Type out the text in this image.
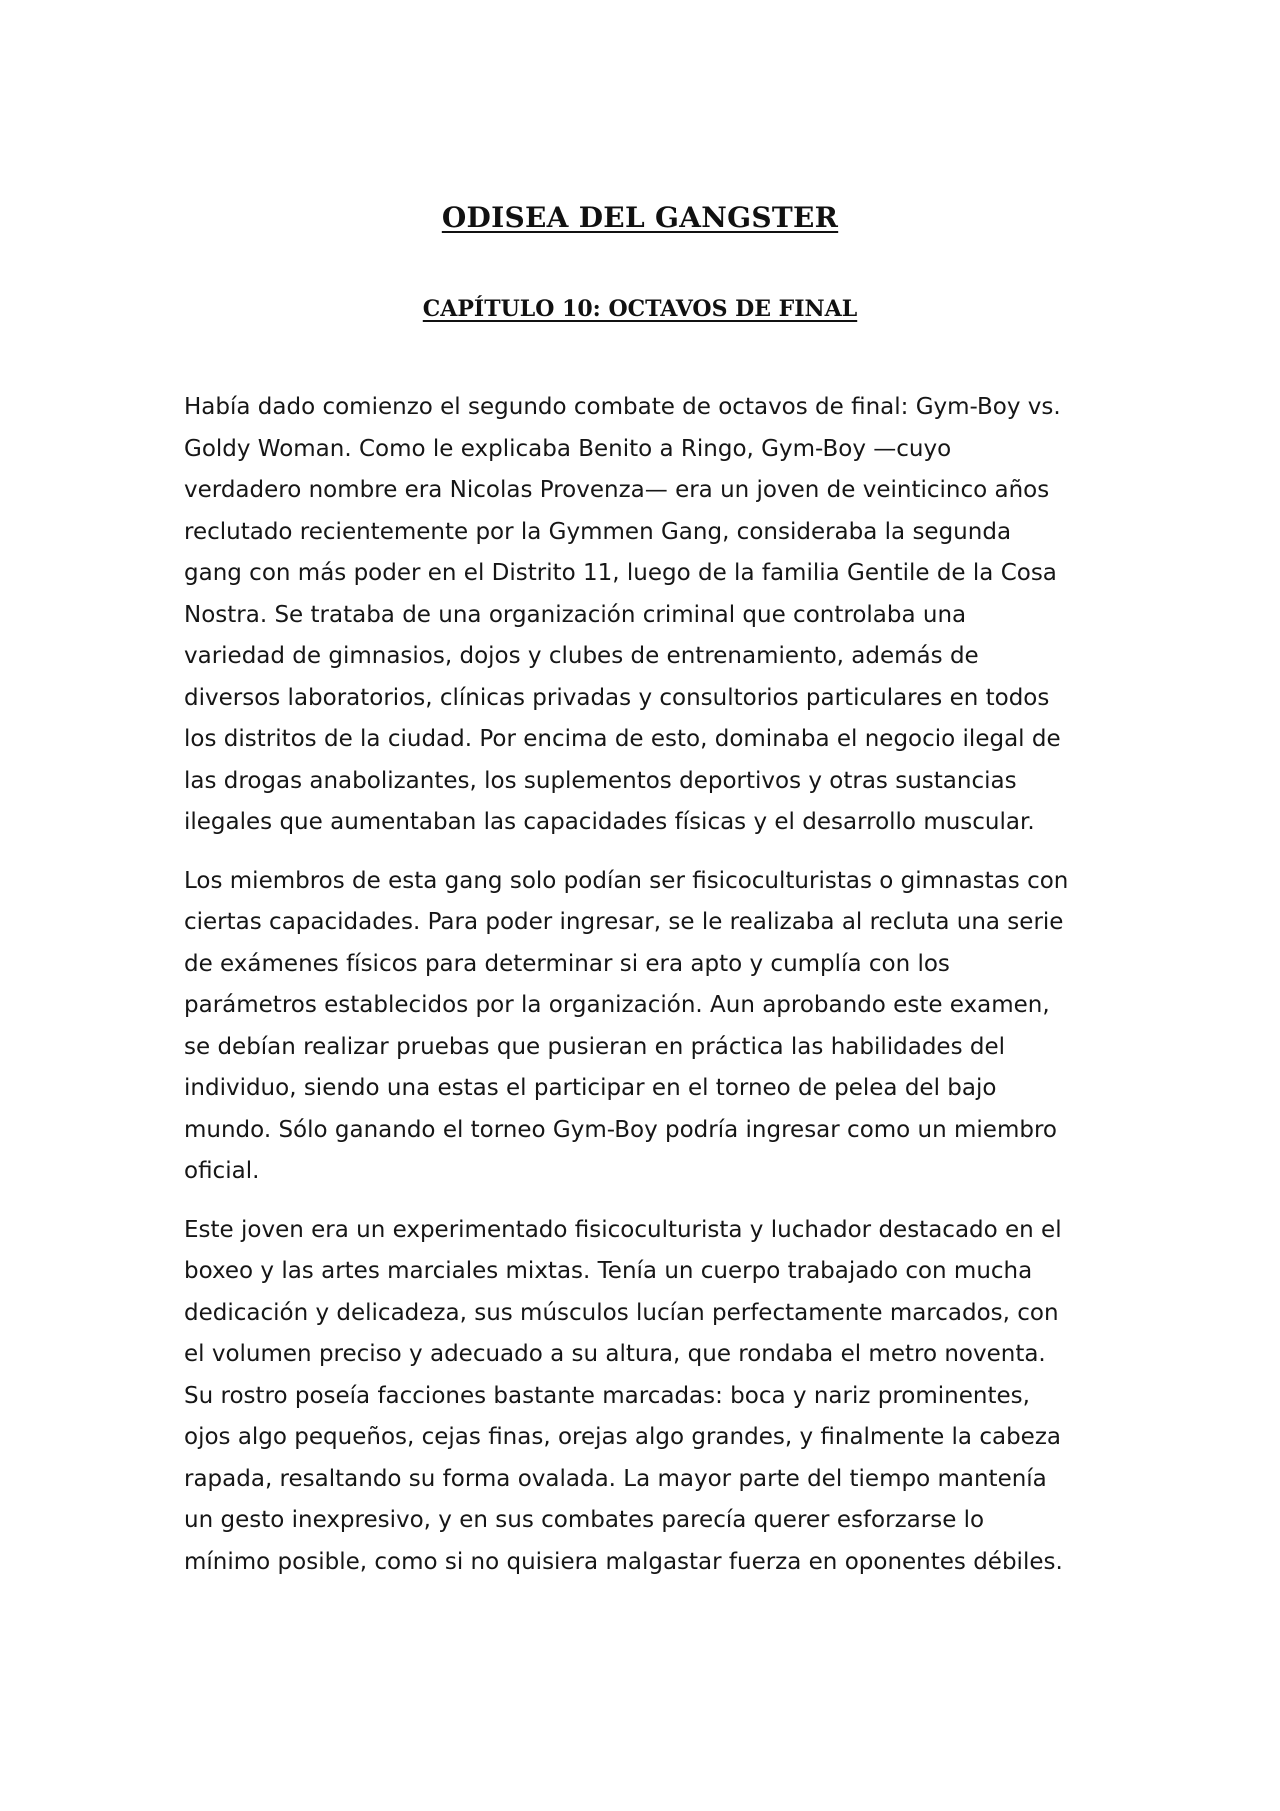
ODISEA DEL GANGSTER
CAPÍTULO 10: OCTAVOS DE FINAL

Había dado comienzo el segundo combate de octavos de final: Gym-Boy vs.
Goldy Woman. Como le explicaba Benito a Ringo, Gym-Boy —cuyo
verdadero nombre era Nicolas Provenza— era un joven de veinticinco años
reclutado recientemente por la Gymmen Gang, consideraba la segunda
gang con más poder en el Distrito 11, luego de la familia Gentile de la Cosa
Nostra. Se trataba de una organización criminal que controlaba una
variedad de gimnasios, dojos y clubes de entrenamiento, además de
diversos laboratorios, clínicas privadas y consultorios particulares en todos
los distritos de la ciudad. Por encima de esto, dominaba el negocio ilegal de
las drogas anabolizantes, los suplementos deportivos y otras sustancias
ilegales que aumentaban las capacidades físicas y el desarrollo muscular.

Los miembros de esta gang solo podían ser fisicoculturistas o gimnastas con
ciertas capacidades. Para poder ingresar, se le realizaba al recluta una serie
de exámenes físicos para determinar si era apto y cumplía con los
parámetros establecidos por la organización. Aun aprobando este examen,
se debían realizar pruebas que pusieran en práctica las habilidades del
individuo, siendo una estas el participar en el torneo de pelea del bajo
mundo. Sólo ganando el torneo Gym-Boy podría ingresar como un miembro
oficial.

Este joven era un experimentado fisicoculturista y luchador destacado en el
boxeo y las artes marciales mixtas. Tenía un cuerpo trabajado con mucha
dedicación y delicadeza, sus músculos lucían perfectamente marcados, con
el volumen preciso y adecuado a su altura, que rondaba el metro noventa.
Su rostro poseía facciones bastante marcadas: boca y nariz prominentes,
ojos algo pequeños, cejas finas, orejas algo grandes, y finalmente la cabeza
rapada, resaltando su forma ovalada. La mayor parte del tiempo mantenía
un gesto inexpresivo, y en sus combates parecía querer esforzarse lo
mínimo posible, como si no quisiera malgastar fuerza en oponentes débiles.
